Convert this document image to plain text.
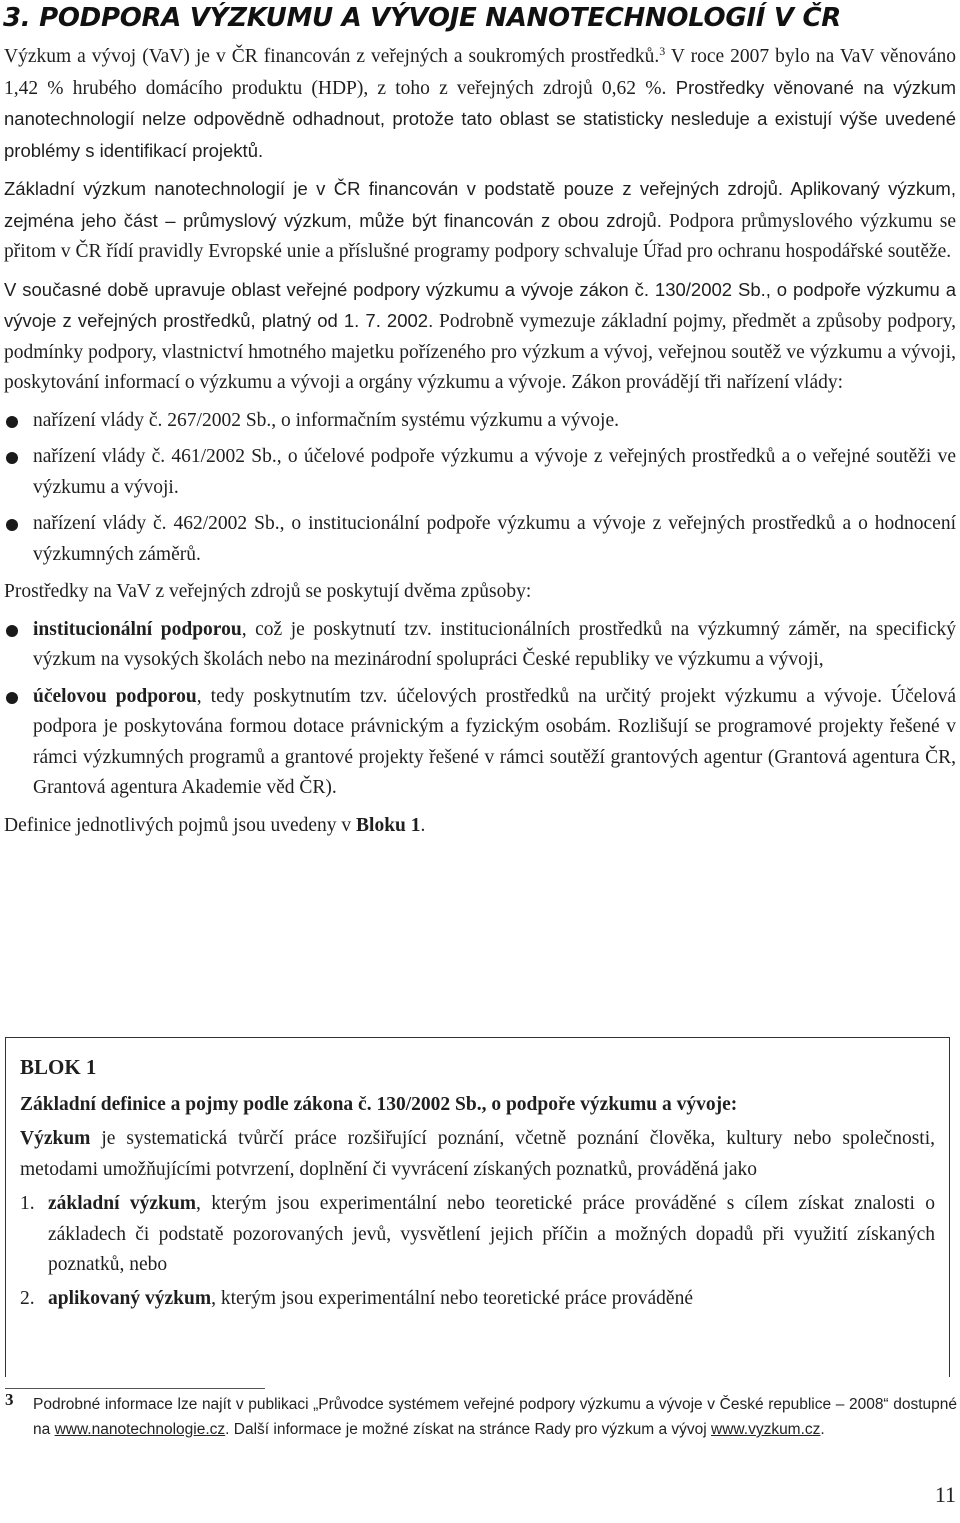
3. PODPORA VÝZKUMU A VÝVOJE NANOTECHNOLOGIÍ V ČR

Výzkum a vývoj (VaV) je v ČR financován z veřejných a soukromých prostředků.$^3$ V roce 2007 bylo na VaV věnováno 1,42 % hrubého domácího produktu (HDP), z toho z veřejných zdrojů 0,62 %. Prostředky věnované na výzkum nanotechnologií nelze odpovědně odhadnout, protože tato oblast se statisticky nesleduje a existují výše uvedené problémy s identifikací projektů.

Základní výzkum nanotechnologií je v ČR financován v podstatě pouze z veřejných zdrojů. Aplikovaný výzkum, zejména jeho část – průmyslový výzkum, může být financován z obou zdrojů. Podpora průmyslového výzkumu se přitom v ČR řídí pravidly Evropské unie a příslušné programy podpory schvaluje Úřad pro ochranu hospodářské soutěže.

V současné době upravuje oblast veřejné podpory výzkumu a vývoje zákon č. 130/2002 Sb., o podpoře výzkumu a vývoje z veřejných prostředků, platný od 1. 7. 2002. Podrobně vymezuje základní pojmy, předmět a způsoby podpory, podmínky podpory, vlastnictví hmotného majetku pořízeného pro výzkum a vývoj, veřejnou soutěž ve výzkumu a vývoji, poskytování informací o výzkumu a vývoji a orgány výzkumu a vývoje. Zákon provádějí tři nařízení vlády:

nařízení vlády č. 267/2002 Sb., o informačním systému výzkumu a vývoje.
nařízení vlády č. 461/2002 Sb., o účelové podpoře výzkumu a vývoje z veřejných prostředků a o veřejné soutěži ve výzkumu a vývoji.
nařízení vlády č. 462/2002 Sb., o institucionální podpoře výzkumu a vývoje z veřejných prostředků a o hodnocení výzkumných záměrů.

Prostředky na VaV z veřejných zdrojů se poskytují dvěma způsoby:

institucionální podporou, což je poskytnutí tzv. institucionálních prostředků na výzkumný záměr, na specifický výzkum na vysokých školách nebo na mezinárodní spolupráci České republiky ve výzkumu a vývoji,
účelovou podporou, tedy poskytnutím tzv. účelových prostředků na určitý projekt výzkumu a vývoje. Účelová podpora je poskytována formou dotace právnickým a fyzickým osobám. Rozlišují se programové projekty řešené v rámci výzkumných programů a grantové projekty řešené v rámci soutěží grantových agentur (Grantová agentura ČR, Grantová agentura Akademie věd ČR).

Definice jednotlivých pojmů jsou uvedeny v Bloku 1.

BLOK 1
Základní definice a pojmy podle zákona č. 130/2002 Sb., o podpoře výzkumu a vývoje:

Výzkum je systematická tvůrčí práce rozšiřující poznání, včetně poznání člověka, kultury nebo společnosti, metodami umožňujícími potvrzení, doplnění či vyvrácení získaných poznatků, prováděná jako

1. základní výzkum, kterým jsou experimentální nebo teoretické práce prováděné s cílem získat znalosti o základech či podstatě pozorovaných jevů, vysvětlení jejich příčin a možných dopadů při využití získaných poznatků, nebo
2. aplikovaný výzkum, kterým jsou experimentální nebo teoretické práce prováděné
3 Podrobné informace lze najít v publikaci „Průvodce systémem veřejné podpory výzkumu a vývoje v České republice – 2008“ dostupné na www.nanotechnologie.cz. Další informace je možné získat na stránce Rady pro výzkum a vývoj www.vyzkum.cz.
11
